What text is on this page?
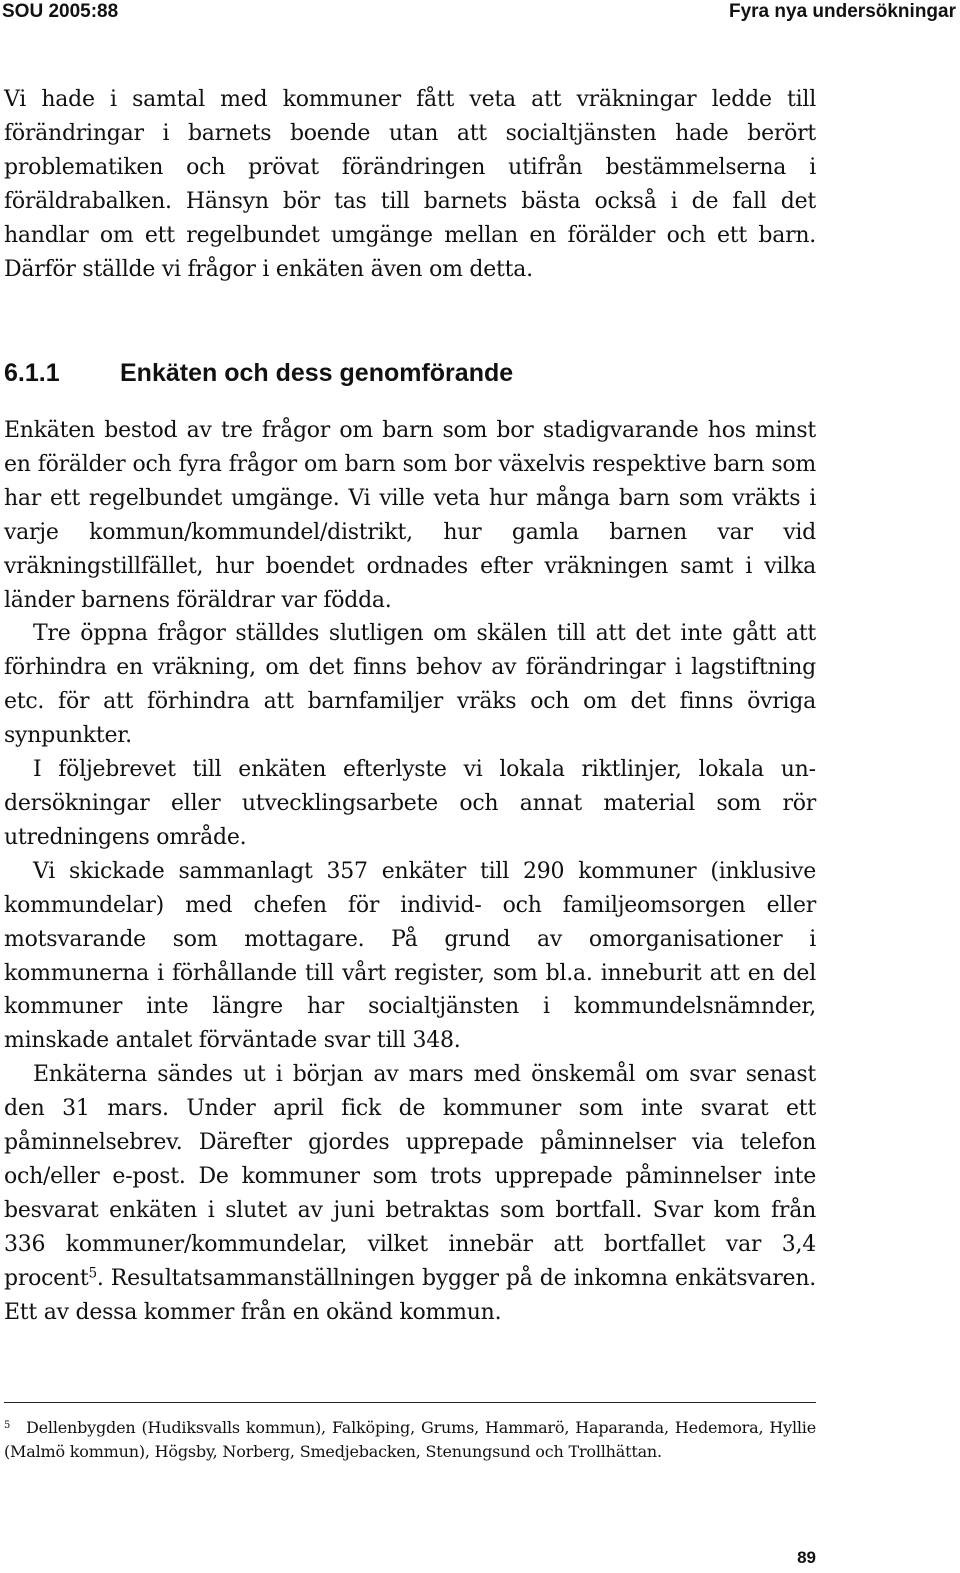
SOU 2005:88	Fyra nya undersökningar

Vi hade i samtal med kommuner fått veta att vräkningar ledde till förändringar i barnets boende utan att socialtjänsten hade berört problematiken och prövat förändringen utifrån bestämmelserna i föräldrabalken. Hänsyn bör tas till barnets bästa också i de fall det handlar om ett regelbundet umgänge mellan en förälder och ett barn. Därför ställde vi frågor i enkäten även om detta.

6.1.1 Enkäten och dess genomförande

Enkäten bestod av tre frågor om barn som bor stadigvarande hos minst en förälder och fyra frågor om barn som bor växelvis respektive barn som har ett regelbundet umgänge. Vi ville veta hur många barn som vräkts i varje kommun/kommundel/distrikt, hur gamla barnen var vid vräkningstillfället, hur boendet ordnades efter vräkningen samt i vilka länder barnens föräldrar var födda.

Tre öppna frågor ställdes slutligen om skälen till att det inte gått att förhindra en vräkning, om det finns behov av förändringar i lagstiftning etc. för att förhindra att barnfamiljer vräks och om det finns övriga synpunkter.

I följebrevet till enkäten efterlyste vi lokala riktlinjer, lokala undersökningar eller utvecklingsarbete och annat material som rör utredningens område.

Vi skickade sammanlagt 357 enkäter till 290 kommuner (inklusive kommundelar) med chefen för individ- och familjeomsorgen eller motsvarande som mottagare. På grund av omorganisationer i kommunerna i förhållande till vårt register, som bl.a. inneburit att en del kommuner inte längre har socialtjänsten i kommundelsnämnder, minskade antalet förväntade svar till 348.

Enkäterna sändes ut i början av mars med önskemål om svar senast den 31 mars. Under april fick de kommuner som inte svarat ett påminnelsebrev. Därefter gjordes upprepade påminnelser via telefon och/eller e-post. De kommuner som trots upprepade påminnelser inte besvarat enkäten i slutet av juni betraktas som bortfall. Svar kom från 336 kommuner/kommundelar, vilket innebär att bortfallet var 3,4 procent$^5$. Resultatsammanställningen bygger på de inkomna enkätsvaren. Ett av dessa kommer från en okänd kommun.

$^5$ Dellenbygden (Hudiksvalls kommun), Falköping, Grums, Hammarö, Haparanda, Hedemora, Hyllie (Malmö kommun), Högsby, Norberg, Smedjebacken, Stenungsund och Trollhättan.
89
